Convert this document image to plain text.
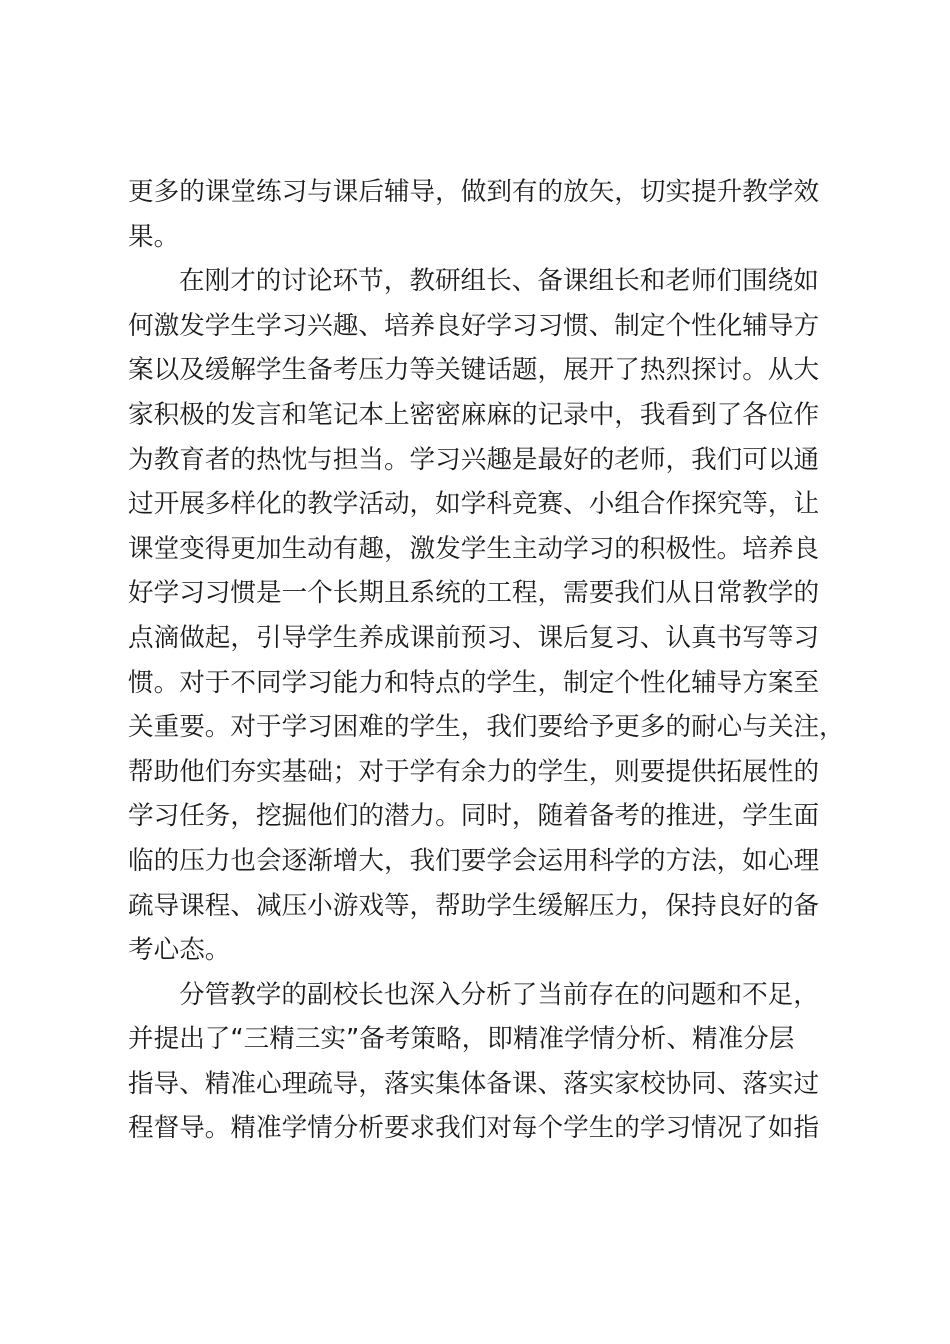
更多的课堂练习与课后辅导，做到有的放矢，切实提升教学效
果。
在刚才的讨论环节，教研组长、备课组长和老师们围绕如
何激发学生学习兴趣、培养良好学习习惯、制定个性化辅导方
案以及缓解学生备考压力等关键话题，展开了热烈探讨。从大
家积极的发言和笔记本上密密麻麻的记录中，我看到了各位作
为教育者的热忱与担当。学习兴趣是最好的老师，我们可以通
过开展多样化的教学活动，如学科竞赛、小组合作探究等，让
课堂变得更加生动有趣，激发学生主动学习的积极性。培养良
好学习习惯是一个长期且系统的工程，需要我们从日常教学的
点滴做起，引导学生养成课前预习、课后复习、认真书写等习
惯。对于不同学习能力和特点的学生，制定个性化辅导方案至
关重要。对于学习困难的学生，我们要给予更多的耐心与关注，
帮助他们夯实基础；对于学有余力的学生，则要提供拓展性的
学习任务，挖掘他们的潜力。同时，随着备考的推进，学生面
临的压力也会逐渐增大，我们要学会运用科学的方法，如心理
疏导课程、减压小游戏等，帮助学生缓解压力，保持良好的备
考心态。
分管教学的副校长也深入分析了当前存在的问题和不足，
并提出了“三精三实”备考策略，即精准学情分析、精准分层
指导、精准心理疏导，落实集体备课、落实家校协同、落实过
程督导。精准学情分析要求我们对每个学生的学习情况了如指
